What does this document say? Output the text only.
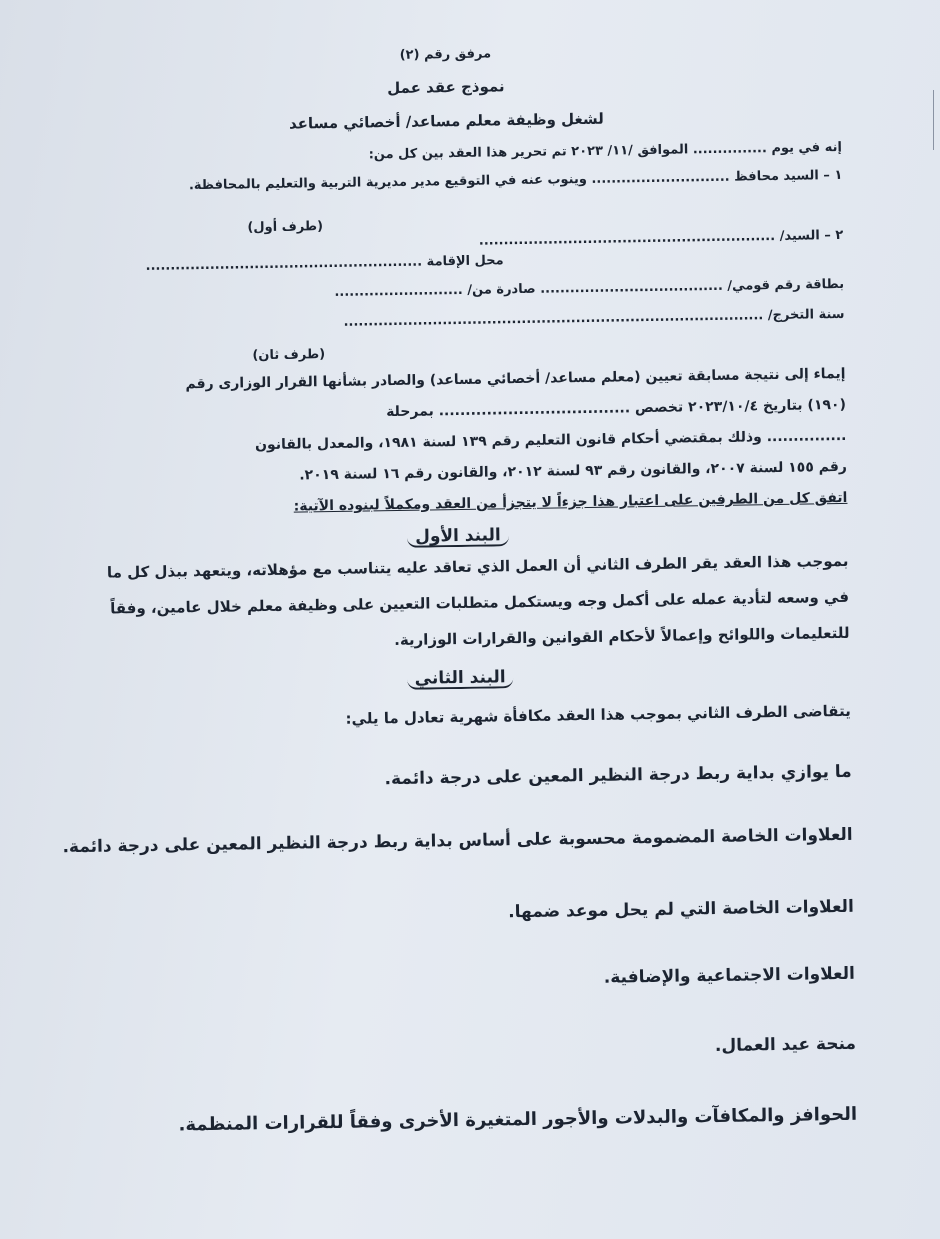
مرفق رقم (٢)
نموذج عقد عمل
لشغل وظيفة معلم مساعد/ أخصائي مساعد
إنه في يوم ............... الموافق /١١/ ٢٠٢٣ تم تحرير هذا العقد بين كل من:
١ – السيد محافظ ............................ وينوب عنه في التوقيع مدير مديرية التربية والتعليم بالمحافظة.
(طرف أول)
٢ – السيد/ ............................................................
محل الإقامة ........................................................
بطاقة رقم قومي/ ..................................... صادرة من/ ..........................
سنة التخرج/ .....................................................................................
(طرف ثان)
إيماء إلى نتيجة مسابقة تعيين (معلم مساعد/ أخصائي مساعد) والصادر بشأنها القرار الوزارى رقم
(١٩٠) بتاريخ ٢٠٢٣/١٠/٤ تخصص .................................... بمرحلة
............... وذلك بمقتضي أحكام قانون التعليم رقم ١٣٩ لسنة ١٩٨١، والمعدل بالقانون
رقم ١٥٥ لسنة ٢٠٠٧، والقانون رقم ٩٣ لسنة ٢٠١٢، والقانون رقم ١٦ لسنة ٢٠١٩.
اتفق كل من الطرفين على اعتبار هذا جزءاً لا يتجزأ من العقد ومكملاً لبنوده الآتية:
البند الأول
بموجب هذا العقد يقر الطرف الثاني أن العمل الذي تعاقد عليه يتناسب مع مؤهلاته، ويتعهد ببذل كل ما
في وسعه لتأدية عمله على أكمل وجه ويستكمل متطلبات التعيين على وظيفة معلم خلال عامين، وفقاً
للتعليمات واللوائح وإعمالاً لأحكام القوانين والقرارات الوزارية.
البند الثاني
يتقاضى الطرف الثاني بموجب هذا العقد مكافأة شهرية تعادل ما يلي:
ما يوازي بداية ربط درجة النظير المعين على درجة دائمة.
العلاوات الخاصة المضمومة محسوبة على أساس بداية ربط درجة النظير المعين على درجة دائمة.
العلاوات الخاصة التي لم يحل موعد ضمها.
العلاوات الاجتماعية والإضافية.
منحة عيد العمال.
الحوافز والمكافآت والبدلات والأجور المتغيرة الأخرى وفقاً للقرارات المنظمة.
